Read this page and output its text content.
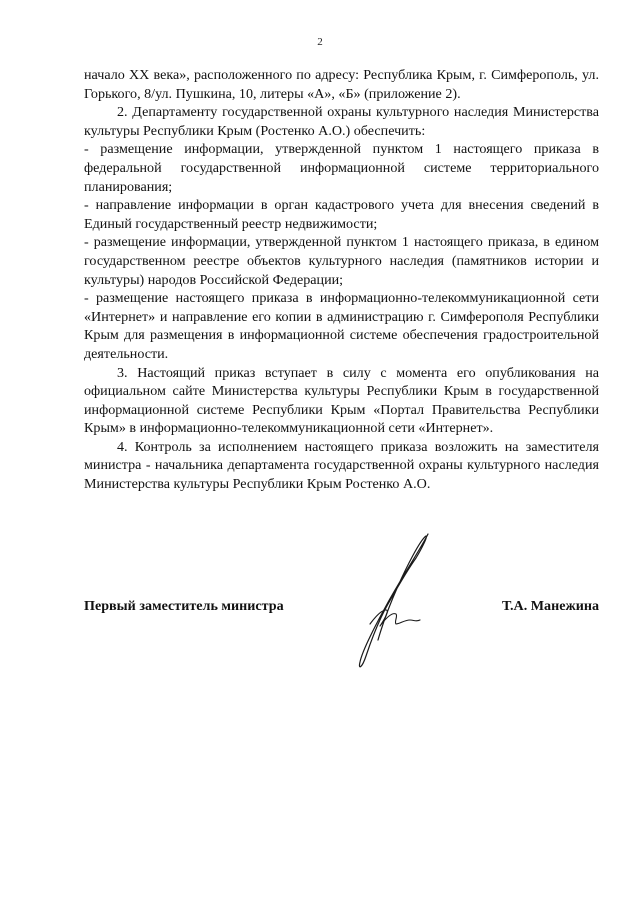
2

начало XX века», расположенного по адресу: Республика Крым, г. Симферополь, ул. Горького, 8/ул. Пушкина, 10, литеры «А», «Б» (приложение 2).

2. Департаменту государственной охраны культурного наследия Министерства культуры Республики Крым (Ростенко А.О.) обеспечить:

- размещение информации, утвержденной пунктом 1 настоящего приказа в федеральной государственной информационной системе территориального планирования;

- направление информации в орган кадастрового учета для внесения сведений в Единый государственный реестр недвижимости;

- размещение информации, утвержденной пунктом 1 настоящего приказа, в едином государственном реестре объектов культурного наследия (памятников истории и культуры) народов Российской Федерации;

- размещение настоящего приказа в информационно-телекоммуникационной сети «Интернет» и направление его копии в администрацию г. Симферополя Республики Крым для размещения в информационной системе обеспечения градостроительной деятельности.

3. Настоящий приказ вступает в силу с момента его опубликования на официальном сайте Министерства культуры Республики Крым в государственной информационной системе Республики Крым «Портал Правительства Республики Крым» в информационно-телекоммуникационной сети «Интернет».

4. Контроль за исполнением настоящего приказа возложить на заместителя министра - начальника департамента государственной охраны культурного наследия Министерства культуры Республики Крым Ростенко А.О.

Первый заместитель министра	Т.А. Манежина
